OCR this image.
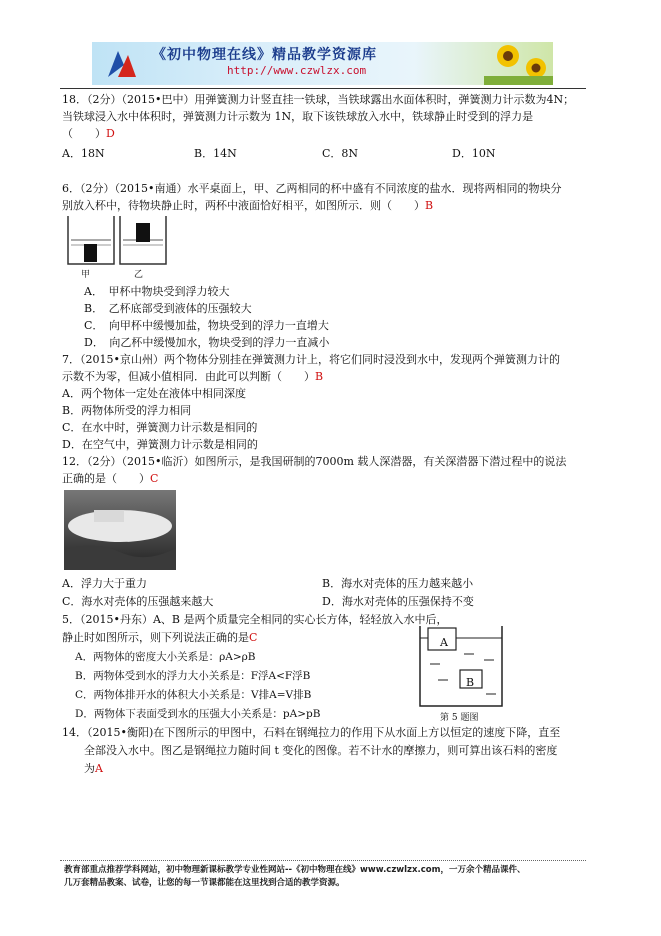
《初中物理在线》精品教学资源库
http://www.czwlzx.com
18．（2分）（2015•巴中）用弹簧测力计竖直挂一铁球，当铁球露出水面体积时，弹簧测力计示数为4N；
当铁球浸入水中体积时，弹簧测力计示数为 1N，取下该铁球放入水中，铁球静止时受到的浮力是
（　　）D
A．18N	B．14N	C．8N	D．10N
6．（2分）（2015•南通）水平桌面上，甲、乙两相同的杯中盛有不同浓度的盐水．现将两相同的物块分
别放入杯中，待物块静止时，两杯中液面恰好相平，如图所示．则（　　）B
甲	乙
A．　甲杯中物块受到浮力较大
B．　乙杯底部受到液体的压强较大
C．　向甲杯中缓慢加盐，物块受到的浮力一直增大
D．　向乙杯中缓慢加水，物块受到的浮力一直减小
7．（2015•京山州）两个物体分别挂在弹簧测力计上，将它们同时浸没到水中，发现两个弹簧测力计的
示数不为零，但减小值相同．由此可以判断（　　）B
A．两个物体一定处在液体中相同深度
B．两物体所受的浮力相同
C．在水中时，弹簧测力计示数是相同的
D．在空气中，弹簧测力计示数是相同的
12．（2分）（2015•临沂）如图所示，是我国研制的7000m 载人深潜器，有关深潜器下潜过程中的说法
正确的是（　　）C
A．浮力大于重力	B．海水对壳体的压力越来越小
C．海水对壳体的压强越来越大	D．海水对壳体的压强保持不变
5．（2015•丹东）A、B 是两个质量完全相同的实心长方体，轻轻放入水中后，
静止时如图所示，则下列说法正确的是C
A．两物体的密度大小关系是：ρA>ρB
B．两物体受到水的浮力大小关系是：F浮A<F浮B
C．两物体排开水的体积大小关系是：V排A=V排B
D．两物体下表面受到水的压强大小关系是：pA>pB
A
B
第 5 题图
14．（2015•衡阳)在下图所示的甲图中，石料在钢绳拉力的作用下从水面上方以恒定的速度下降，直至
全部没入水中。图乙是钢绳拉力随时间 t 变化的图像。若不计水的摩擦力，则可算出该石料的密度
为A
教育部重点推荐学科网站，初中物理新课标教学专业性网站--《初中物理在线》www.czwlzx.com，一万余个精品课件、
几万套精品教案、试卷，让您的每一节课都能在这里找到合适的教学资源。
